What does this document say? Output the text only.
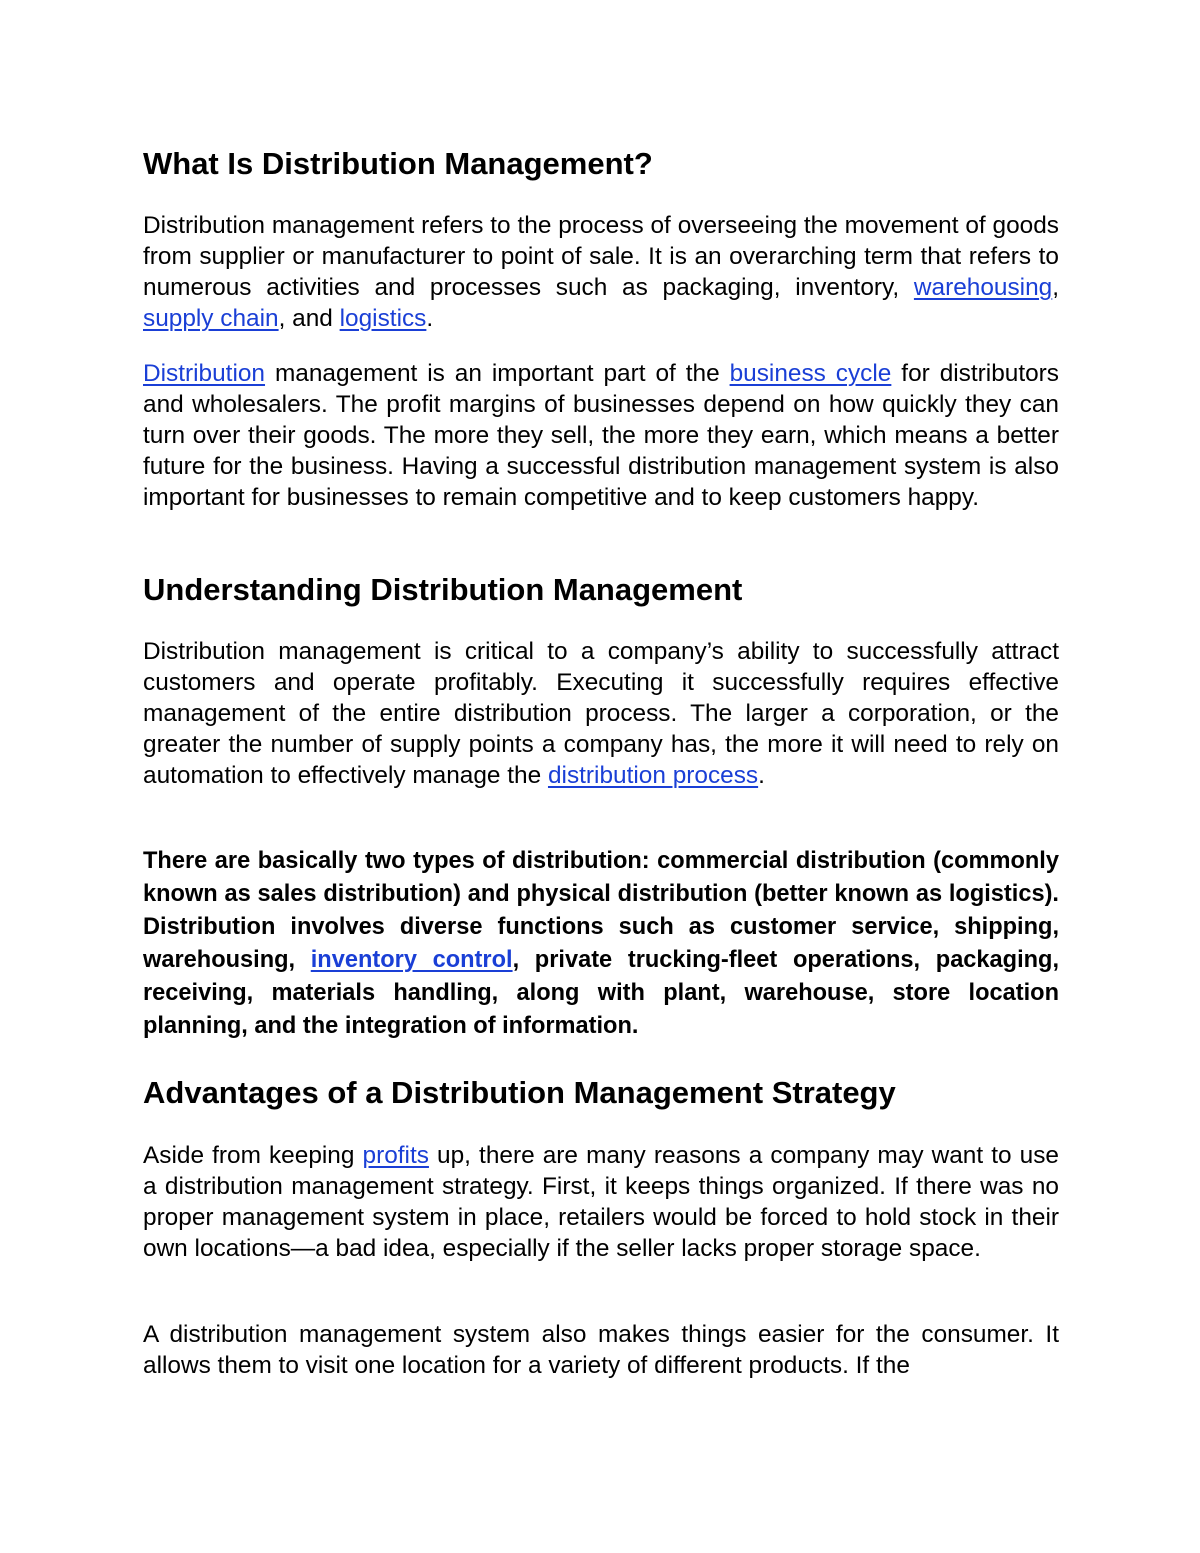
What Is Distribution Management?

Distribution management refers to the process of overseeing the movement of goods from supplier or manufacturer to point of sale. It is an overarching term that refers to numerous activities and processes such as packaging, inventory, warehousing, supply chain, and logistics.

Distribution management is an important part of the business cycle for distributors and wholesalers. The profit margins of businesses depend on how quickly they can turn over their goods. The more they sell, the more they earn, which means a better future for the business. Having a successful distribution management system is also important for businesses to remain competitive and to keep customers happy.

Understanding Distribution Management

Distribution management is critical to a company’s ability to successfully attract customers and operate profitably. Executing it successfully requires effective management of the entire distribution process. The larger a corporation, or the greater the number of supply points a company has, the more it will need to rely on automation to effectively manage the distribution process.

There are basically two types of distribution: commercial distribution (commonly known as sales distribution) and physical distribution (better known as logistics). Distribution involves diverse functions such as customer service, shipping, warehousing, inventory control, private trucking-fleet operations, packaging, receiving, materials handling, along with plant, warehouse, store location planning, and the integration of information.

Advantages of a Distribution Management Strategy

Aside from keeping profits up, there are many reasons a company may want to use a distribution management strategy. First, it keeps things organized. If there was no proper management system in place, retailers would be forced to hold stock in their own locations—a bad idea, especially if the seller lacks proper storage space.

A distribution management system also makes things easier for the consumer. It allows them to visit one location for a variety of different products. If the
